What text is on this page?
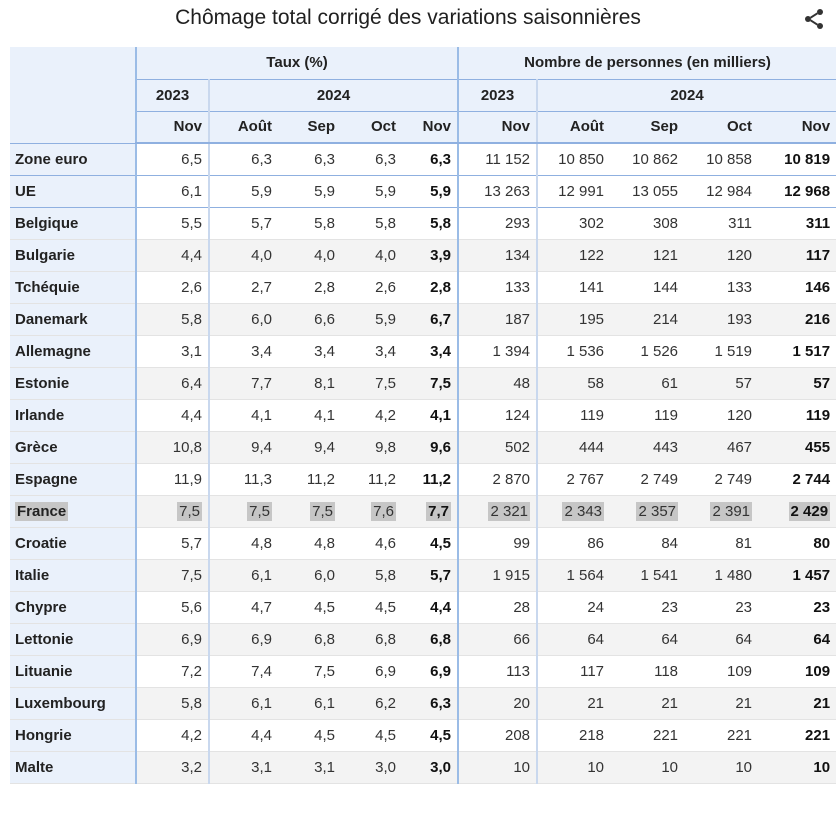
Chômage total corrigé des variations saisonnières
	Taux (%)					Nombre de personnes (en milliers)				
	2023	2024				2023	2024			
	Nov	Août	Sep	Oct	Nov	Nov	Août	Sep	Oct	Nov
Zone euro	6,5	6,3	6,3	6,3	6,3	11 152	10 850	10 862	10 858	10 819
UE	6,1	5,9	5,9	5,9	5,9	13 263	12 991	13 055	12 984	12 968
Belgique	5,5	5,7	5,8	5,8	5,8	293	302	308	311	311
Bulgarie	4,4	4,0	4,0	4,0	3,9	134	122	121	120	117
Tchéquie	2,6	2,7	2,8	2,6	2,8	133	141	144	133	146
Danemark	5,8	6,0	6,6	5,9	6,7	187	195	214	193	216
Allemagne	3,1	3,4	3,4	3,4	3,4	1 394	1 536	1 526	1 519	1 517
Estonie	6,4	7,7	8,1	7,5	7,5	48	58	61	57	57
Irlande	4,4	4,1	4,1	4,2	4,1	124	119	119	120	119
Grèce	10,8	9,4	9,4	9,8	9,6	502	444	443	467	455
Espagne	11,9	11,3	11,2	11,2	11,2	2 870	2 767	2 749	2 749	2 744
France	7,5	7,5	7,5	7,6	7,7	2 321	2 343	2 357	2 391	2 429
Croatie	5,7	4,8	4,8	4,6	4,5	99	86	84	81	80
Italie	7,5	6,1	6,0	5,8	5,7	1 915	1 564	1 541	1 480	1 457
Chypre	5,6	4,7	4,5	4,5	4,4	28	24	23	23	23
Lettonie	6,9	6,9	6,8	6,8	6,8	66	64	64	64	64
Lituanie	7,2	7,4	7,5	6,9	6,9	113	117	118	109	109
Luxembourg	5,8	6,1	6,1	6,2	6,3	20	21	21	21	21
Hongrie	4,2	4,4	4,5	4,5	4,5	208	218	221	221	221
Malte	3,2	3,1	3,1	3,0	3,0	10	10	10	10	10
